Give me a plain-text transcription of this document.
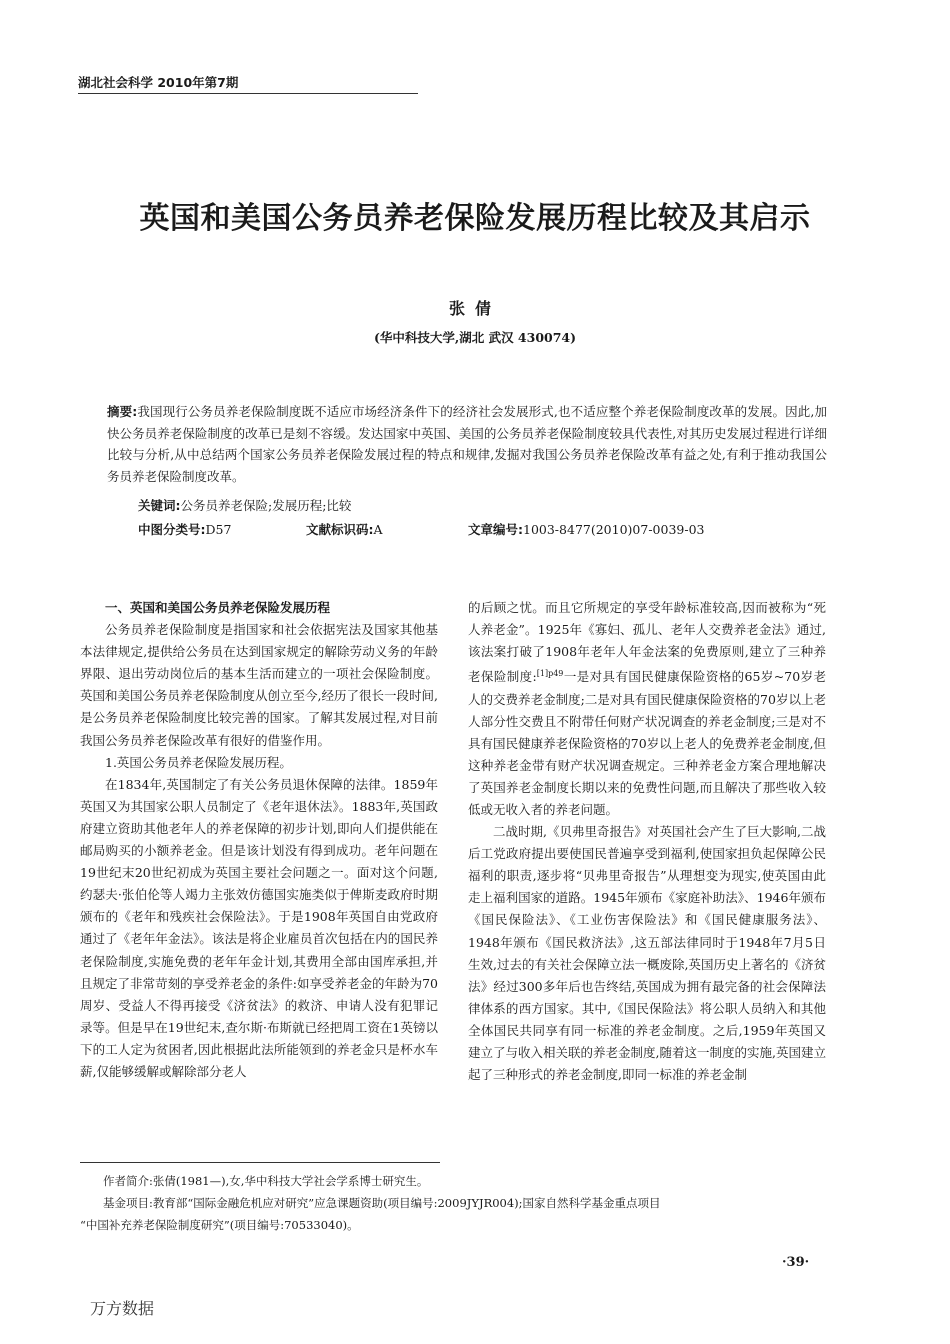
湖北社会科学 2010年第7期
英国和美国公务员养老保险发展历程比较及其启示
张倩
(华中科技大学,湖北 武汉 430074)
摘要:我国现行公务员养老保险制度既不适应市场经济条件下的经济社会发展形式,也不适应整个养老保险制度改革的发展。因此,加快公务员养老保险制度的改革已是刻不容缓。发达国家中英国、美国的公务员养老保险制度较具代表性,对其历史发展过程进行详细比较与分析,从中总结两个国家公务员养老保险发展过程的特点和规律,发掘对我国公务员养老保险改革有益之处,有利于推动我国公务员养老保险制度改革。
关键词:公务员养老保险;发展历程;比较
中图分类号:D57	文献标识码:A	文章编号:1003-8477(2010)07-0039-03
一、英国和美国公务员养老保险发展历程

公务员养老保险制度是指国家和社会依据宪法及国家其他基本法律规定,提供给公务员在达到国家规定的解除劳动义务的年龄界限、退出劳动岗位后的基本生活而建立的一项社会保险制度。英国和美国公务员养老保险制度从创立至今,经历了很长一段时间,是公务员养老保险制度比较完善的国家。了解其发展过程,对目前我国公务员养老保险改革有很好的借鉴作用。

1.英国公务员养老保险发展历程。

在1834年,英国制定了有关公务员退休保障的法律。1859年英国又为其国家公职人员制定了《老年退休法》。1883年,英国政府建立资助其他老年人的养老保障的初步计划,即向人们提供能在邮局购买的小额养老金。但是该计划没有得到成功。老年问题在19世纪末20世纪初成为英国主要社会问题之一。面对这个问题,约瑟夫·张伯伦等人竭力主张效仿德国实施类似于俾斯麦政府时期颁布的《老年和残疾社会保险法》。于是1908年英国自由党政府通过了《老年年金法》。该法是将企业雇员首次包括在内的国民养老保险制度,实施免费的老年年金计划,其费用全部由国库承担,并且规定了非常苛刻的享受养老金的条件:如享受养老金的年龄为70周岁、受益人不得再接受《济贫法》的救济、申请人没有犯罪记录等。但是早在19世纪末,查尔斯·布斯就已经把周工资在1英镑以下的工人定为贫困者,因此根据此法所能领到的养老金只是杯水车薪,仅能够缓解或解除部分老人

的后顾之忧。而且它所规定的享受年龄标准较高,因而被称为“死人养老金”。1925年《寡妇、孤儿、老年人交费养老金法》通过,该法案打破了1908年老年人年金法案的免费原则,建立了三种养老保险制度:$^{[1]p49}$一是对具有国民健康保险资格的65岁~70岁老人的交费养老金制度;二是对具有国民健康保险资格的70岁以上老人部分性交费且不附带任何财产状况调查的养老金制度;三是对不具有国民健康养老保险资格的70岁以上老人的免费养老金制度,但这种养老金带有财产状况调查规定。三种养老金方案合理地解决了英国养老金制度长期以来的免费性问题,而且解决了那些收入较低或无收入者的养老问题。

二战时期,《贝弗里奇报告》对英国社会产生了巨大影响,二战后工党政府提出要使国民普遍享受到福利,使国家担负起保障公民福利的职责,逐步将“贝弗里奇报告”从理想变为现实,使英国由此走上福利国家的道路。1945年颁布《家庭补助法》、1946年颁布《国民保险法》、《工业伤害保险法》和《国民健康服务法》、1948年颁布《国民救济法》,这五部法律同时于1948年7月5日生效,过去的有关社会保障立法一概废除,英国历史上著名的《济贫法》经过300多年后也告终结,英国成为拥有最完备的社会保障法律体系的西方国家。其中,《国民保险法》将公职人员纳入和其他全体国民共同享有同一标准的养老金制度。之后,1959年英国又建立了与收入相关联的养老金制度,随着这一制度的实施,英国建立起了三种形式的养老金制度,即同一标准的养老金制

作者简介:张倩(1981—),女,华中科技大学社会学系博士研究生。

基金项目:教育部“国际金融危机应对研究”应急课题资助(项目编号:2009JYJR004);国家自然科学基金重点项目

“中国补充养老保险制度研究”(项目编号:70533040)。

·39·
万方数据
